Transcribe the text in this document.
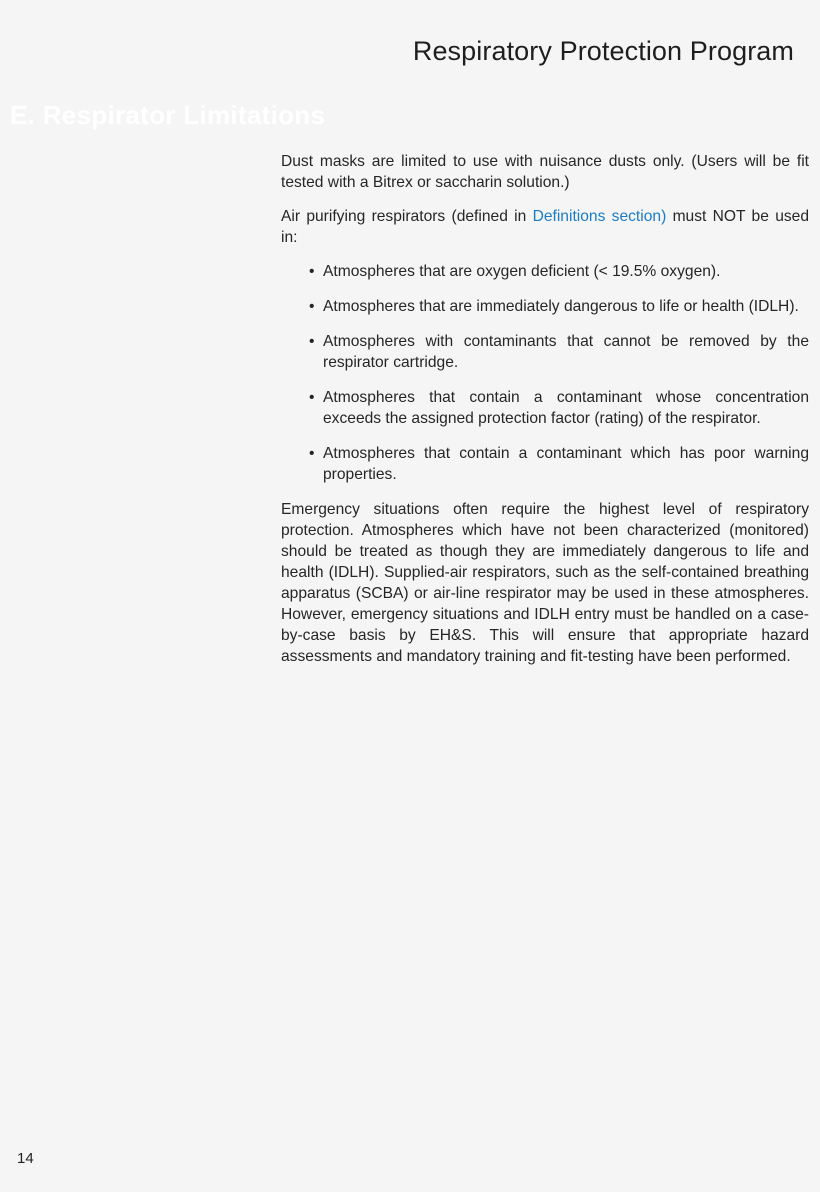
Respiratory Protection Program
E. Respirator Limitations

Dust masks are limited to use with nuisance dusts only. (Users will be fit tested with a Bitrex or saccharin solution.)

Air purifying respirators (defined in Definitions section) must NOT be used in:

• Atmospheres that are oxygen deficient (< 19.5% oxygen).
• Atmospheres that are immediately dangerous to life or health (IDLH).
• Atmospheres with contaminants that cannot be removed by the respirator cartridge.
• Atmospheres that contain a contaminant whose concentration exceeds the assigned protection factor (rating) of the respirator.
• Atmospheres that contain a contaminant which has poor warning properties.

Emergency situations often require the highest level of respiratory protection. Atmospheres which have not been characterized (monitored) should be treated as though they are immediately dangerous to life and health (IDLH). Supplied-air respirators, such as the self-contained breathing apparatus (SCBA) or air-line respirator may be used in these atmospheres. However, emergency situations and IDLH entry must be handled on a case-by-case basis by EH&S. This will ensure that appropriate hazard assessments and mandatory training and fit-testing have been performed.

14
